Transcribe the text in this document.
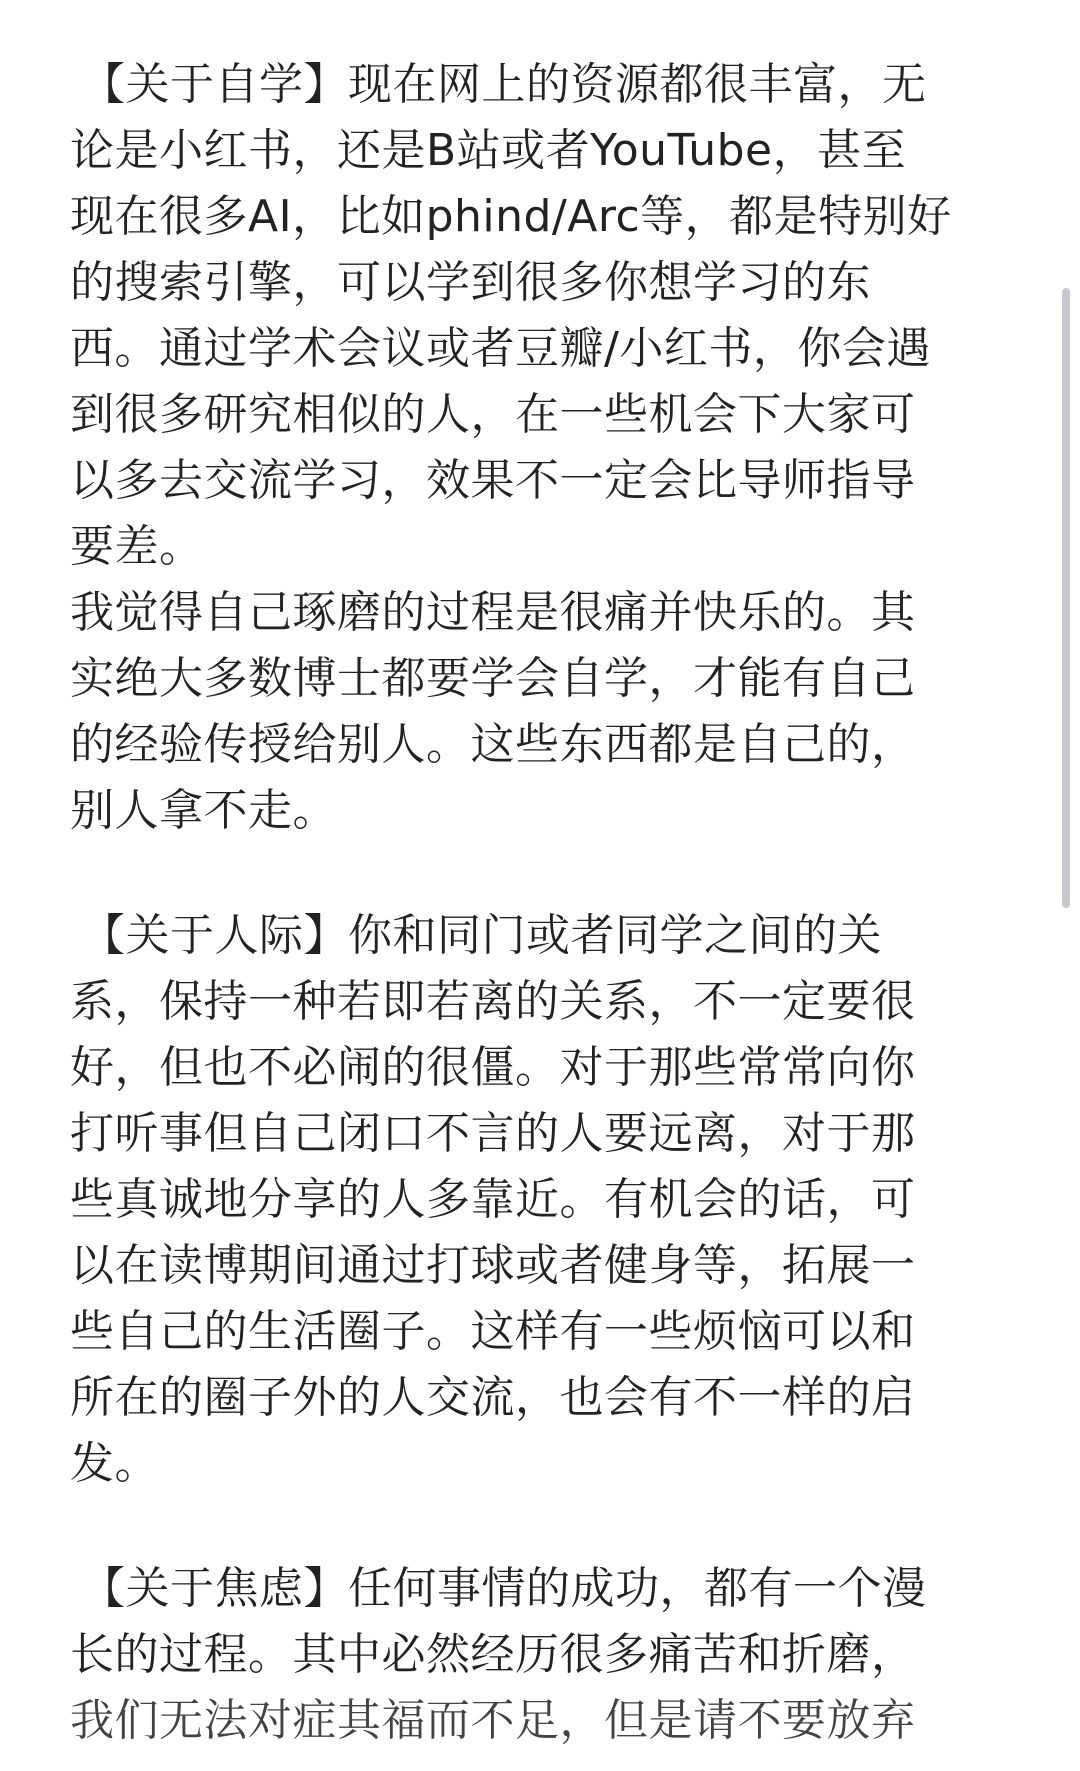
【关于自学】现在网上的资源都很丰富，无
论是小红书，还是B站或者YouTube，甚至
现在很多AI，比如phind/Arc等，都是特别好
的搜索引擎，可以学到很多你想学习的东
西。通过学术会议或者豆瓣/小红书，你会遇
到很多研究相似的人，在一些机会下大家可
以多去交流学习，效果不一定会比导师指导
要差。
我觉得自己琢磨的过程是很痛并快乐的。其
实绝大多数博士都要学会自学，才能有自己
的经验传授给别人。这些东西都是自己的，
别人拿不走。
【关于人际】你和同门或者同学之间的关
系，保持一种若即若离的关系，不一定要很
好，但也不必闹的很僵。对于那些常常向你
打听事但自己闭口不言的人要远离，对于那
些真诚地分享的人多靠近。有机会的话，可
以在读博期间通过打球或者健身等，拓展一
些自己的生活圈子。这样有一些烦恼可以和
所在的圈子外的人交流，也会有不一样的启
发。
【关于焦虑】任何事情的成功，都有一个漫
长的过程。其中必然经历很多痛苦和折磨，
我们无法对症其福而不足，但是请不要放弃
